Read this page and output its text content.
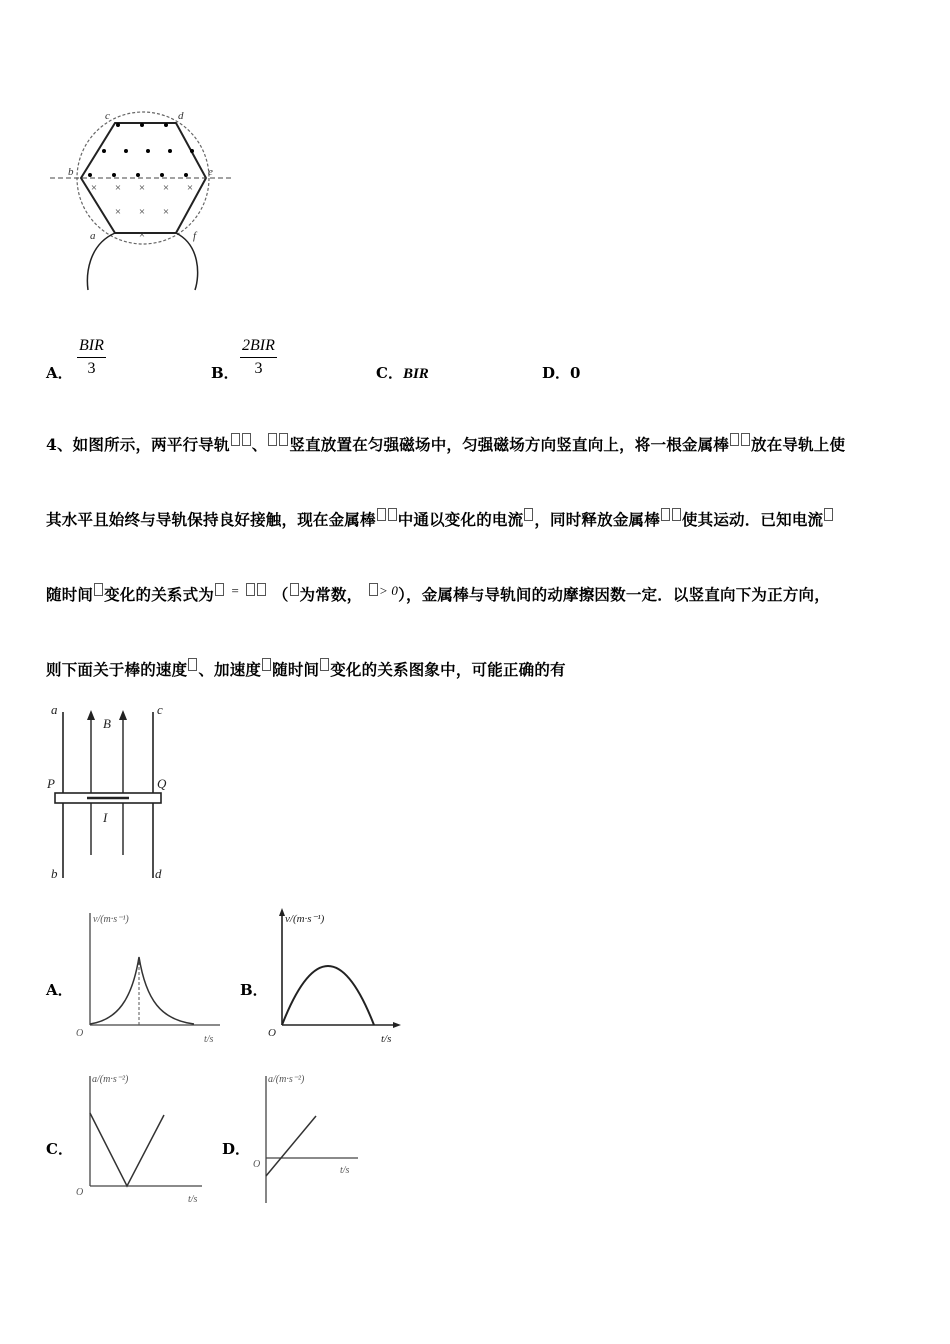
× × × × ×
× × ×
×
c	d
b	e
a	f
A．
BIR
3	B．
2BIR
3	C．BIR	D．0
4、如图所示，两平行导轨 、 竖直放置在匀强磁场中，匀强磁场方向竖直向上，将一根金属棒 放在导轨上使
其水平且始终与导轨保持良好接触，现在金属棒 中通以变化的电流 ，同时释放金属棒 使其运动．已知电流
随时间 变化的关系式为 = （ 为常数， $^{> 0}$），金属棒与导轨间的动摩擦因数一定．以竖直向下为正方向，
则下面关于棒的速度 、加速度 随时间 变化的关系图象中，可能正确的有
a	c
b	d
P	Q
B
I
A．	B．
C．	D．
v/(m·s⁻¹)
t/s
O
v/(m·s⁻¹)
t/s
O
a/(m·s⁻²)
t/s
O
a/(m·s⁻²)
t/s
O
